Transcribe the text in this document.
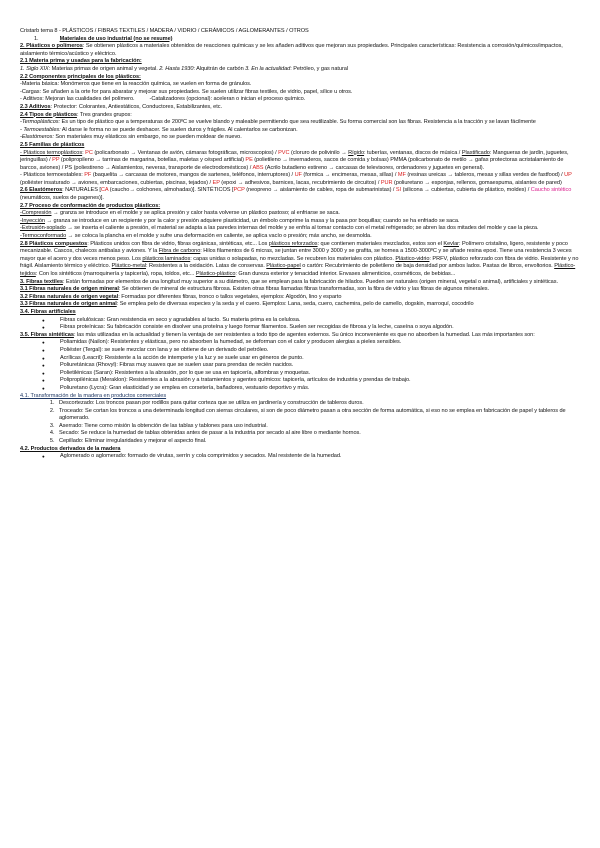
Cristarb tema 8 - PLÁSTICOS / FIBRAS TEXTILES / MADERA / VIDRIO / CERÁMICOS / AGLOMERANTES / OTROS

1.	Materiales de uso industrial (no se resume)

2. Plásticos o polímeros: Se obtienen plásticos a materiales obtenidos de reacciones químicas y se les añaden aditivos que mejoran sus propiedades. Principales características: Resistencia a corrosión/químicos/impactos, aislamiento térmico/acústico y eléctrico.

2.1 Materia prima y usadas para la fabricación:

1. Siglo XIX: Materias primas de origen animal y vegetal. 2. Hasta 1930: Alquitrán de carbón 3. En la actualidad: Petróleo, y gas natural

2.2 Componentes principales de los plásticos:

-Materia básica: Monómeros que tiene en la reacción química, se vuelen en forma de gránulos.

-Cargas: Se añaden a la orte for para abaratar y mejorar sus propiedades. Se suelen utilizar fibras textiles, de vidrio, papel, sílice u otros.

- Aditivos: Mejoran las cualidades del polímero.	-Catalizadores (opcional): aceleran o inician el proceso químico.

2.3 Aditivos: Protector: Colorantes, Antiestáticos, Conductores, Estabilizantes, etc.

2.4 Tipos de plásticos: Tres grandes grupos:

-Termoplásticos: Es un tipo de plástico que a temperaturas de 200ºC se vuelve blando y maleable permitiendo que sea reutilizable. Su forma comercial son las fibras. Resistencia a la tracción y se lavan fácilmente

- Termoestables: Al darse le forma no se puede deshacer. Se suelen duros y frágiles. Al calentarlos se carbonizan.

-Elastómeros: Son materiales muy elásticos sin embargo, no se pueden moldear de nuevo.

2.5 Familias de plásticos

- Plásticos termoplásticos: PC (policarbonato → Ventanas de avión, cámaras fotográficas, microscopios) / PVC (cloruro de polivinilo → Rígido: tuberías, ventanas, discos de música / Plastificado: Mangueras de jardín, juguetes, jeringuillas) / PP (polipropileno → tarrinas de margarina, botellas, maletas y césped artificial) PE (polietileno → invernaderos, sacos de comida y bolsas) PMMA (policarbonato de metilo → gafas protectoras acristalamiento de barcos, aviones) / PS (poliestireno → Aislamientos, neveras, transporte de electrodomésticos) / ABS (Acrilo butadieno estireno → carcasas de televisores, ordenadores y juguetes en general).

- Plásticos termoestables: PF (baquelita → carcasas de motores, mangos de sartenes, teléfonos, interruptores) / UF (formica → encimeras, mesas, sillas) / MF (resinas ureicas → tableros, mesas y sillas verdes de fastfood) / UP (poliéster insaturado → aviones, embarcaciones, cubiertas, piscinas, tejados) / EP (epoxi → adhesivos, barnices, lacas, recubrimiento de circuitos) / PUR (poliuretano → esponjas, rellenos, gomaespuma, aislantes de pared)

2.6 Elastómeros: NATURALES [CA (caucho→ colchones, almohadas)]. SINTÉTICOS [PCP (neopreno → aislamiento de cables, ropa de submarinistas) / SI (silicona → cubiertas, cubierta de plástico, moldes) / Caucho sintético (neumáticos, suelos de pagenes)].

2.7 Proceso de conformación de productos plásticos:

-Compresión → granza se introduce en el molde y se aplica presión y calor hasta volverse un plástico pastoso; al enfriarse se saca.

-Inyección → granza se introduce en un recipiente y por la calor y presión adquiere plasticidad, un émbolo comprime la masa y la pasa por boquillas; cuando se ha enfriado se saca.

-Extrusión-soplado → se inserta el caliente a presión, el material se adapta a las paredes internas del molde y se enfría al tomar contacto con el metal refrigerado; se abren las dos mitades del molde y cae la pieza.

-Termoconformado → se coloca la plancha en el molde y sufre una deformación en caliente, se aplica vacío o presión; máx ancho, se desmolda.

2.8 Plásticos compuestos: Plásticos unidos con fibra de vidrio, fibras orgánicas, sintéticas, etc... Los plásticos reforzados: que contienen materiales mezclados, estos son el Kevlar: Polímero cristalino, ligero, resistente y poco mecanizable. Cascos, chalecos antibalas y aviones. Y la Fibra de carbono: Hilos filamentos de 6 micras, se juntan entre 3000 y 3000 y se grafita, se hornea a 1500-3000ºC y se añade resina epoxi. Tiene una resistencia 3 veces mayor que el acero y dos veces menos peso. Los plásticos laminados: capas unidas o solapadas, no mezcladas. Se recubren los materiales con plástico. Plástico-vidrio: PRFV, plástico reforzado con fibra de vidrio. Resistente y no frágil. Aislamiento térmico y eléctrico. Plástico-metal: Resistentes a la oxidación. Latas de conservas. Plástico-papel o cartón: Recubrimiento de polietileno de baja densidad por ambos lados. Pastas de libros, envoltorios. Plástico-tejidos: Con los sintéticos (marroquinería y tapicería), ropa, toldos, etc... Plástico-plástico: Gran dureza exterior y tenacidad interior. Envases alimenticios, cosméticos, de bebidas...

3. Fibras textiles: Están formadas por elementos de una longitud muy superior a su diámetro, que se emplean para la fabricación de hilados. Pueden ser naturales (origen mineral, vegetal o animal), artificiales y sintéticas.

3.1 Fibras naturales de origen mineral: Se obtienen de mineral de estructura fibrosa. Existen otras fibras llamadas fibras transformadas, son la fibra de vidrio y las fibras de algunos minerales.

3.2 Fibras naturales de origen vegetal: Formadas por diferentes fibras, tronco o tallos vegetales, ejemplos: Algodón, lino y esparto

3.3 Fibras naturales de origen animal: Se emplea pelo de diversas especies y la seda y el cuero. Ejemplos: Lana, seda, cuero, cachemira, pelo de camello, dogskin, marroquí, cocodrilo

3.4. Fibras artificiales

● Fibras celulósicas: Gran resistencia en seco y agradables al tacto. Su materia prima es la celulosa.
● Fibras proteínicas: Su fabricación consiste en disolver una proteína y luego formar filamentos. Suelen ser recogidas de fibrosa y la leche, caseína o soya algodón.

3.5. Fibras sintéticas: las más utilizadas en la actualidad y tienen la ventaja de ser resistentes a todo tipo de agentes externos. Su único inconveniente es que no absorben la humedad. Las más importantes son:

● Poliamidas (Nailon): Resistentes y elásticas, pero no absorben la humedad, se deforman con el calor y producen alergias a pieles sensibles.
● Poliéster (Tergal): se suele mezclar con lana y se obtiene de un derivado del petróleo.
● Acrílicas (Leacril): Resistente a la acción de intemperie y la luz y se suele usar en géneros de punto.
● Poliuretánicas (Rhovyl): Fibras muy suaves que se suelen usar para prendas de recién nacidos.
● Polietilénicas (Saran): Resistentes a la abrasión, por lo que se usa en tapicería, alfombras y moquetas.
● Polipropilénicas (Meraklon): Resistentes a la abrasión y a tratamientos y agentes químicos: tapicería, artículos de industria y prendas de trabajo.
● Poliuretano (Lycra): Gran elasticidad y se emplea en corsetería, bañadores, vestuario deportivo y más.

4.1. Transformación de la madera en productos comerciales

1. Descortezado: Los troncos pasan por rodillos para quitar corteza que se utiliza en jardinería y construcción de tableros duros.
2. Troceado: Se cortan los troncos a una determinada longitud con sierras circulares, si son de poco diámetro pasan a otra sección de forma automática, si eso no se emplea en fabricación de papel y tableros de aglomerado.
3. Aserrado: Tiene como misión la obtención de las tablas y tablones para uso industrial.
4. Secado: Se reduce la humedad de tablas obtenidas antes de pasar a la industria por secado al aire libre o mediante hornos.
5. Cepillado: Eliminar irregularidades y mejorar el aspecto final.

4.2. Productos derivados de la madera

● Aglomerado o aglomerado: formado de virutas, serrín y cola comprimidos y secados. Mal resistente de la humedad.
